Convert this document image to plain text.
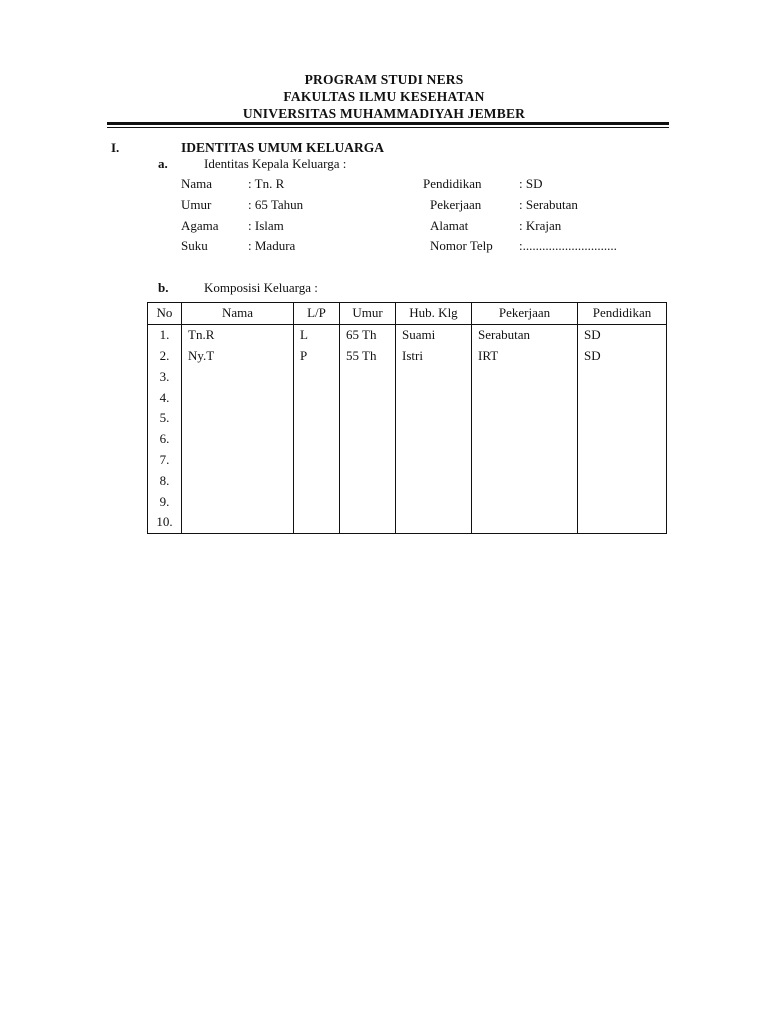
PROGRAM STUDI NERS
FAKULTAS ILMU KESEHATAN
UNIVERSITAS MUHAMMADIYAH JEMBER
I.	IDENTITAS UMUM KELUARGA
a.	Identitas Kepala Keluarga :
Nama	: Tn. R
Umur	: 65 Tahun
Agama : Islam
Suku	: Madura
Pendidikan	: SD
Pekerjaan	: Serabutan
Alamat	: Krajan
Nomor Telp :.............................
b.	Komposisi Keluarga :
No	Nama	L/P	Umur	Hub. Klg	Pekerjaan	Pendidikan
1.	Tn.R	L	65 Th	Suami	Serabutan	SD
2.	Ny.T	P	55 Th	Istri	IRT	SD
3.						
4.						
5.						
6.						
7.						
8.						
9.						
10.						
